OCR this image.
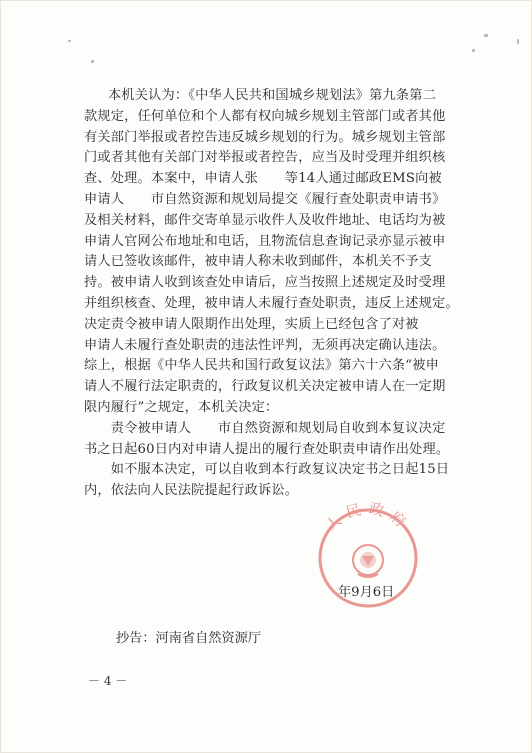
本机关认为：《中华人民共和国城乡规划法》第九条第二
款规定，任何单位和个人都有权向城乡规划主管部门或者其他
有关部门举报或者控告违反城乡规划的行为。城乡规划主管部
门或者其他有关部门对举报或者控告，应当及时受理并组织核
查、处理。本案中，申请人张　　等14人通过邮政EMS向被
申请人　　市自然资源和规划局提交《履行查处职责申请书》
及相关材料，邮件交寄单显示收件人及收件地址、电话均为被
申请人官网公布地址和电话，且物流信息查询记录亦显示被申
请人已签收该邮件，被申请人称未收到邮件，本机关不予支
持。被申请人收到该查处申请后，应当按照上述规定及时受理
并组织核查、处理，被申请人未履行查处职责，违反上述规定。
决定责令被申请人限期作出处理，实质上已经包含了对被
申请人未履行查处职责的违法性评判，无须再决定确认违法。
综上，根据《中华人民共和国行政复议法》第六十六条“被申
请人不履行法定职责的，行政复议机关决定被申请人在一定期
限内履行”之规定，本机关决定：
　　责令被申请人　　市自然资源和规划局自收到本复议决定
书之日起60日内对申请人提出的履行查处职责申请作出处理。
　　如不服本决定，可以自收到本行政复议决定书之日起15日
内，依法向人民法院提起行政诉讼。
人民政府
年9月6日
抄告：河南省自然资源厅
－ 4 －
